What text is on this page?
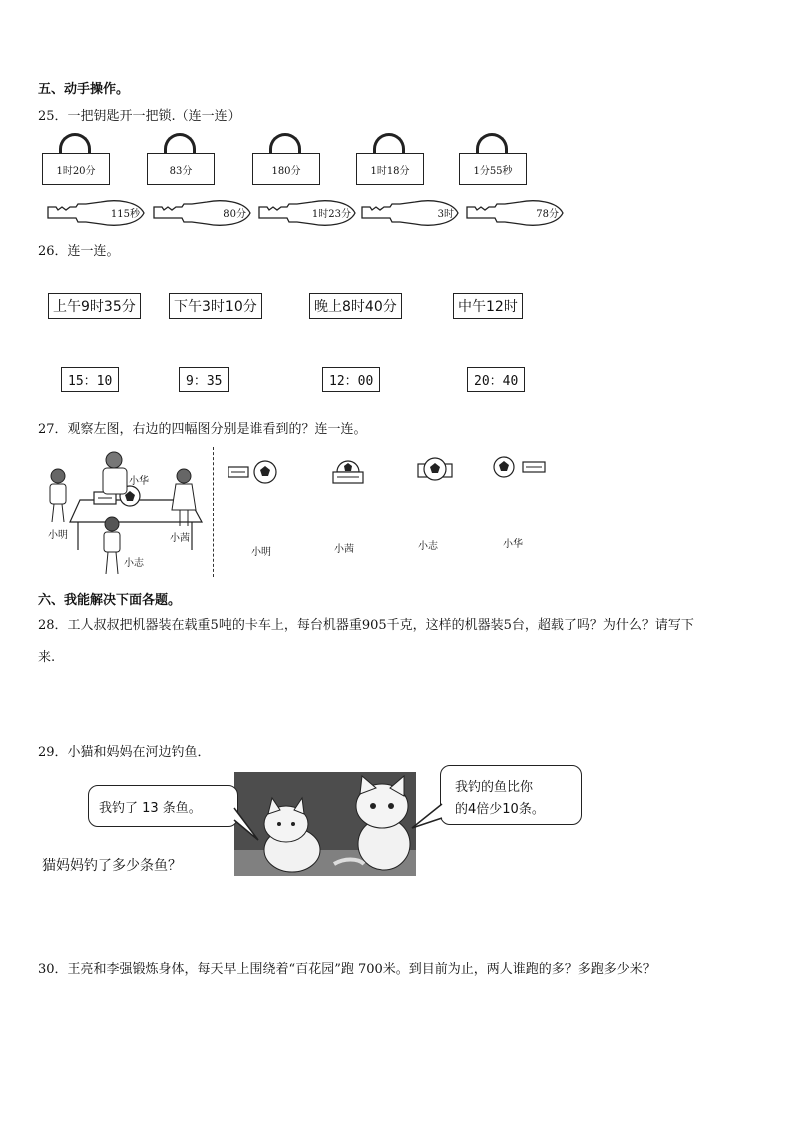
五、动手操作。
25．一把钥匙开一把锁.（连一连）
1时20分	83分	180分	1时18分	1分55秒
115秒	80分	1时23分	3时	78分
26．连一连。
上午9时35分	下午3时10分	晚上8时40分	中午12时
15：10	9：35	12：00	20：40
27．观察左图，右边的四幅图分别是谁看到的？连一连。
小华
小明	小茜
小志
小明	小茜	小志	小华
六、我能解决下面各题。
28．工人叔叔把机器装在载重5吨的卡车上，每台机器重905千克，这样的机器装5台，超载了吗？为什么？请写下
来.
29．小猫和妈妈在河边钓鱼．
我钓了 13 条鱼。
我钓的鱼比你
的4倍少10条。
猫妈妈钓了多少条鱼？
30．王亮和李强锻炼身体，每天早上围绕着“百花园”跑 700米。到目前为止，两人谁跑的多？多跑多少米？
